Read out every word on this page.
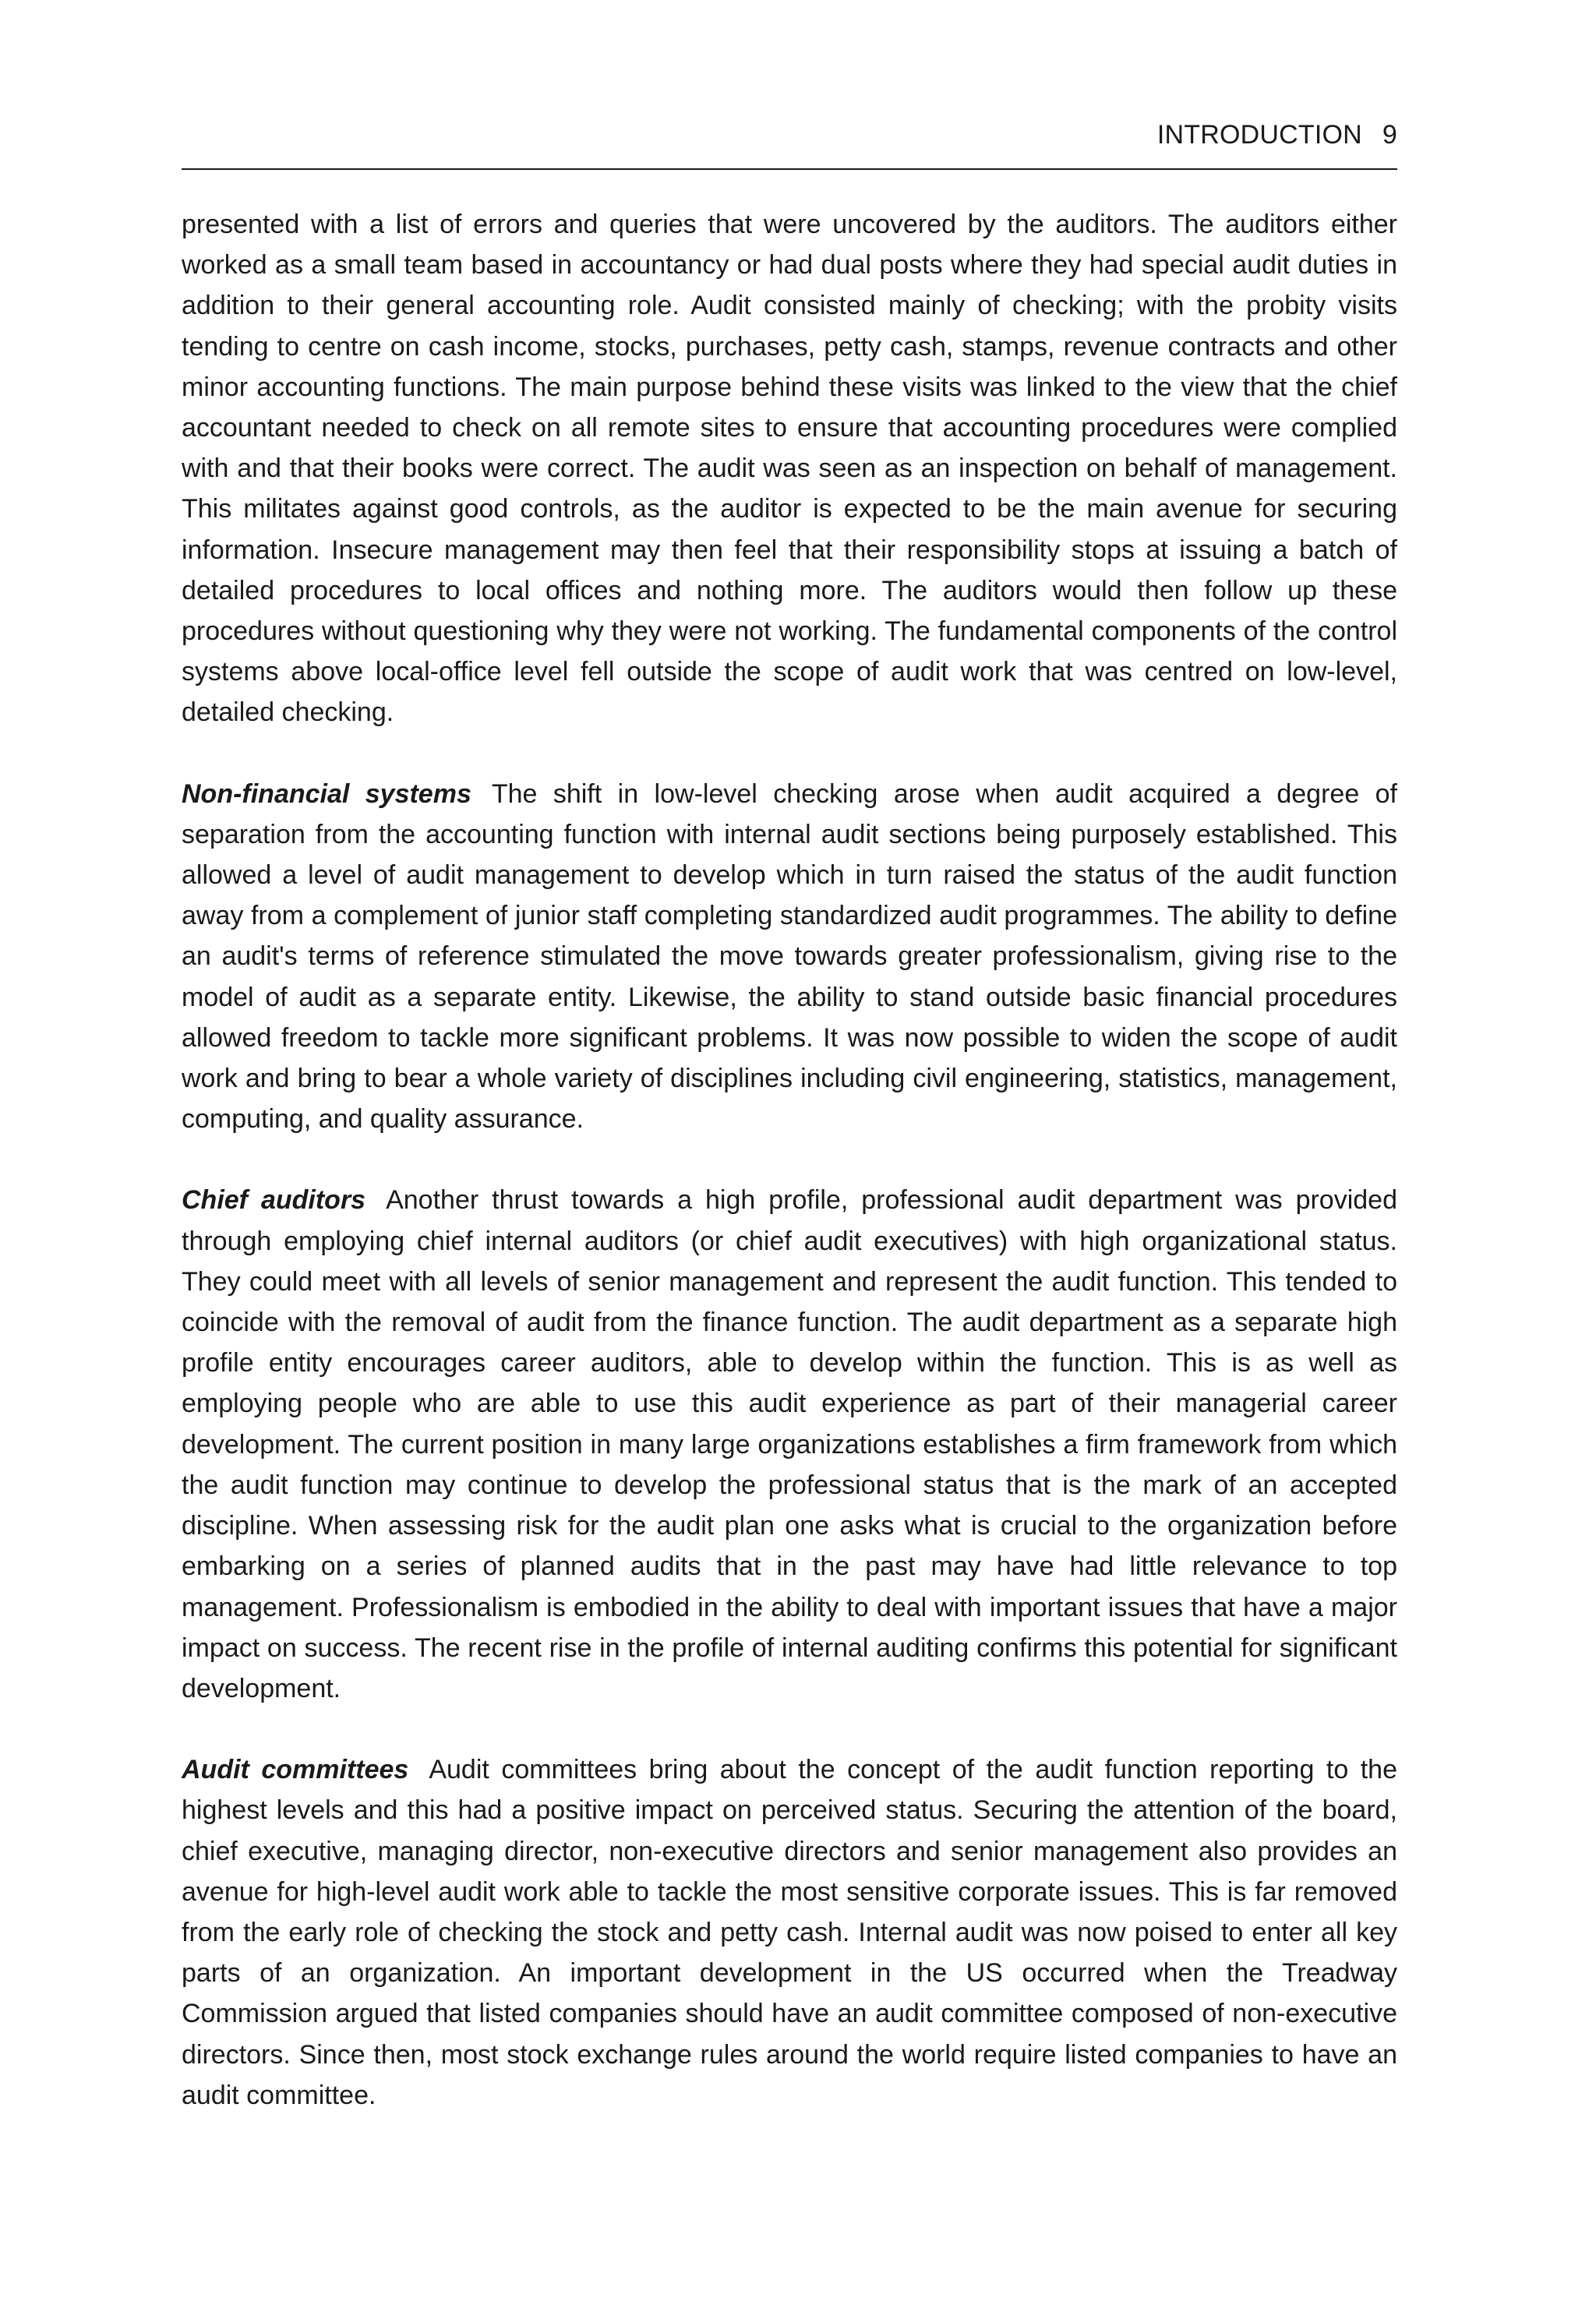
INTRODUCTION 9

presented with a list of errors and queries that were uncovered by the auditors. The auditors either worked as a small team based in accountancy or had dual posts where they had special audit duties in addition to their general accounting role. Audit consisted mainly of checking; with the probity visits tending to centre on cash income, stocks, purchases, petty cash, stamps, revenue contracts and other minor accounting functions. The main purpose behind these visits was linked to the view that the chief accountant needed to check on all remote sites to ensure that accounting procedures were complied with and that their books were correct. The audit was seen as an inspection on behalf of management. This militates against good controls, as the auditor is expected to be the main avenue for securing information. Insecure management may then feel that their responsibility stops at issuing a batch of detailed procedures to local offices and nothing more. The auditors would then follow up these procedures without questioning why they were not working. The fundamental components of the control systems above local-office level fell outside the scope of audit work that was centred on low-level, detailed checking.

Non-financial systems The shift in low-level checking arose when audit acquired a degree of separation from the accounting function with internal audit sections being purposely established. This allowed a level of audit management to develop which in turn raised the status of the audit function away from a complement of junior staff completing standardized audit programmes. The ability to define an audit's terms of reference stimulated the move towards greater professionalism, giving rise to the model of audit as a separate entity. Likewise, the ability to stand outside basic financial procedures allowed freedom to tackle more significant problems. It was now possible to widen the scope of audit work and bring to bear a whole variety of disciplines including civil engineering, statistics, management, computing, and quality assurance.

Chief auditors Another thrust towards a high profile, professional audit department was provided through employing chief internal auditors (or chief audit executives) with high organizational status. They could meet with all levels of senior management and represent the audit function. This tended to coincide with the removal of audit from the finance function. The audit department as a separate high profile entity encourages career auditors, able to develop within the function. This is as well as employing people who are able to use this audit experience as part of their managerial career development. The current position in many large organizations establishes a firm framework from which the audit function may continue to develop the professional status that is the mark of an accepted discipline. When assessing risk for the audit plan one asks what is crucial to the organization before embarking on a series of planned audits that in the past may have had little relevance to top management. Professionalism is embodied in the ability to deal with important issues that have a major impact on success. The recent rise in the profile of internal auditing confirms this potential for significant development.

Audit committees Audit committees bring about the concept of the audit function reporting to the highest levels and this had a positive impact on perceived status. Securing the attention of the board, chief executive, managing director, non-executive directors and senior management also provides an avenue for high-level audit work able to tackle the most sensitive corporate issues. This is far removed from the early role of checking the stock and petty cash. Internal audit was now poised to enter all key parts of an organization. An important development in the US occurred when the Treadway Commission argued that listed companies should have an audit committee composed of non-executive directors. Since then, most stock exchange rules around the world require listed companies to have an audit committee.
